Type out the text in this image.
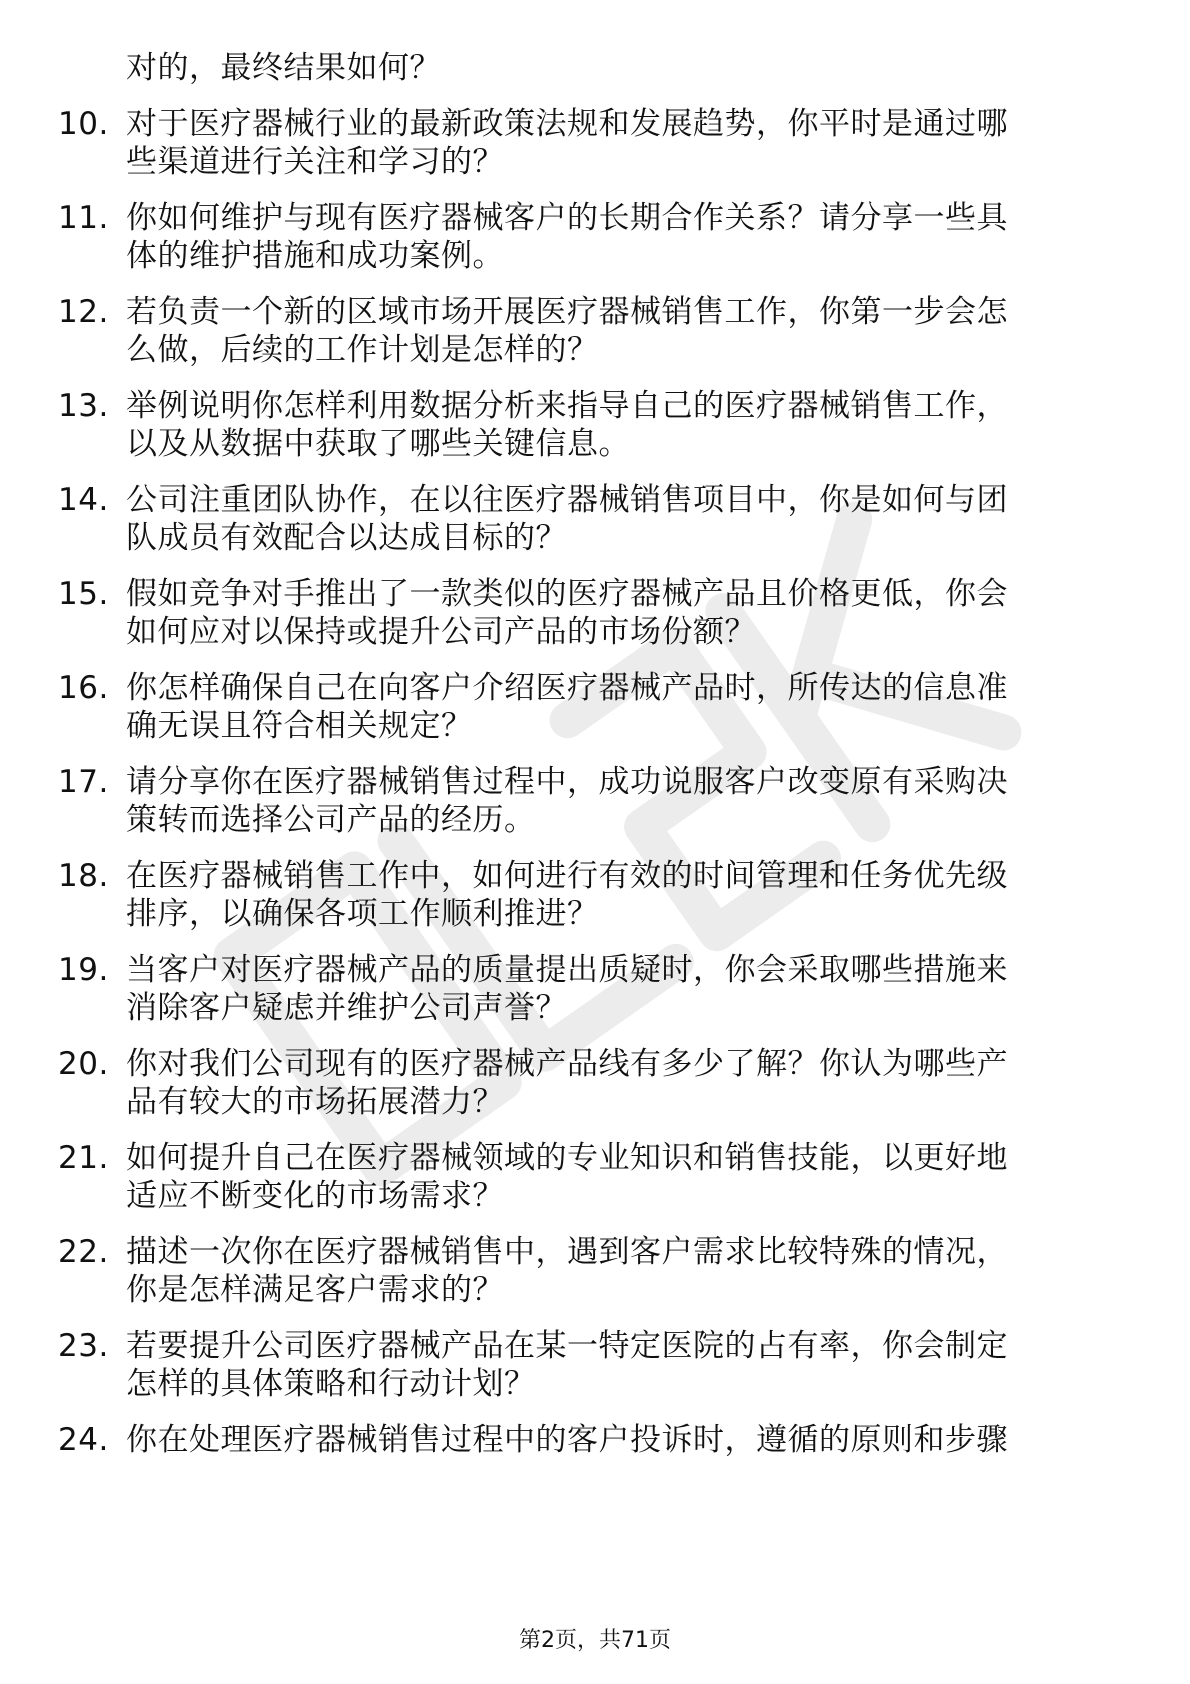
对的，最终结果如何？
10. 对于医疗器械行业的最新政策法规和发展趋势，你平时是通过哪
些渠道进行关注和学习的？
11. 你如何维护与现有医疗器械客户的长期合作关系？请分享一些具
体的维护措施和成功案例。
12. 若负责一个新的区域市场开展医疗器械销售工作，你第一步会怎
么做，后续的工作计划是怎样的？
13. 举例说明你怎样利用数据分析来指导自己的医疗器械销售工作，
以及从数据中获取了哪些关键信息。
14. 公司注重团队协作，在以往医疗器械销售项目中，你是如何与团
队成员有效配合以达成目标的？
15. 假如竞争对手推出了一款类似的医疗器械产品且价格更低，你会
如何应对以保持或提升公司产品的市场份额？
16. 你怎样确保自己在向客户介绍医疗器械产品时，所传达的信息准
确无误且符合相关规定？
17. 请分享你在医疗器械销售过程中，成功说服客户改变原有采购决
策转而选择公司产品的经历。
18. 在医疗器械销售工作中，如何进行有效的时间管理和任务优先级
排序，以确保各项工作顺利推进？
19. 当客户对医疗器械产品的质量提出质疑时，你会采取哪些措施来
消除客户疑虑并维护公司声誉？
20. 你对我们公司现有的医疗器械产品线有多少了解？你认为哪些产
品有较大的市场拓展潜力？
21. 如何提升自己在医疗器械领域的专业知识和销售技能，以更好地
适应不断变化的市场需求？
22. 描述一次你在医疗器械销售中，遇到客户需求比较特殊的情况，
你是怎样满足客户需求的？
23. 若要提升公司医疗器械产品在某一特定医院的占有率，你会制定
怎样的具体策略和行动计划？
24. 你在处理医疗器械销售过程中的客户投诉时，遵循的原则和步骤
第2页，共71页
